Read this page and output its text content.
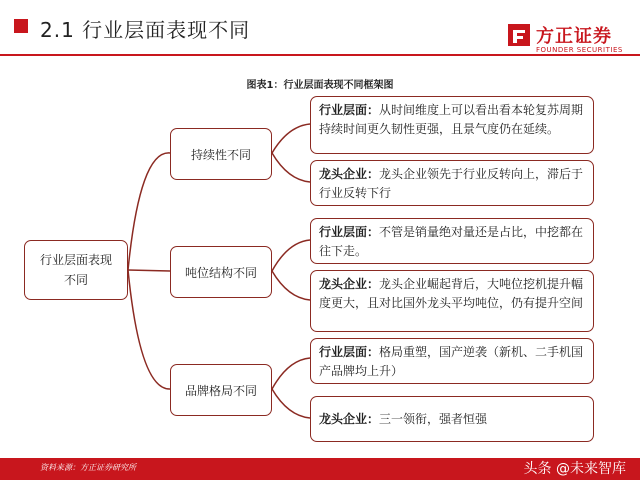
2.1 行业层面表现不同	方正证券
FOUNDER SECURITIES
图表1：行业层面表现不同框架图
行业层面表现不同
持续性不同
吨位结构不同
品牌格局不同
行业层面：从时间维度上可以看出看本轮复苏周期持续时间更久韧性更强，且景气度仍在延续。
龙头企业：龙头企业领先于行业反转向上，滞后于行业反转下行
行业层面：不管是销量绝对量还是占比，中挖都在往下走。
龙头企业：龙头企业崛起背后，大吨位挖机提升幅度更大，且对比国外龙头平均吨位，仍有提升空间
行业层面：格局重塑，国产逆袭（新机、二手机国产品牌均上升）
龙头企业：三一领衔，强者恒强
资料来源：方正证券研究所	头条 @未来智库
